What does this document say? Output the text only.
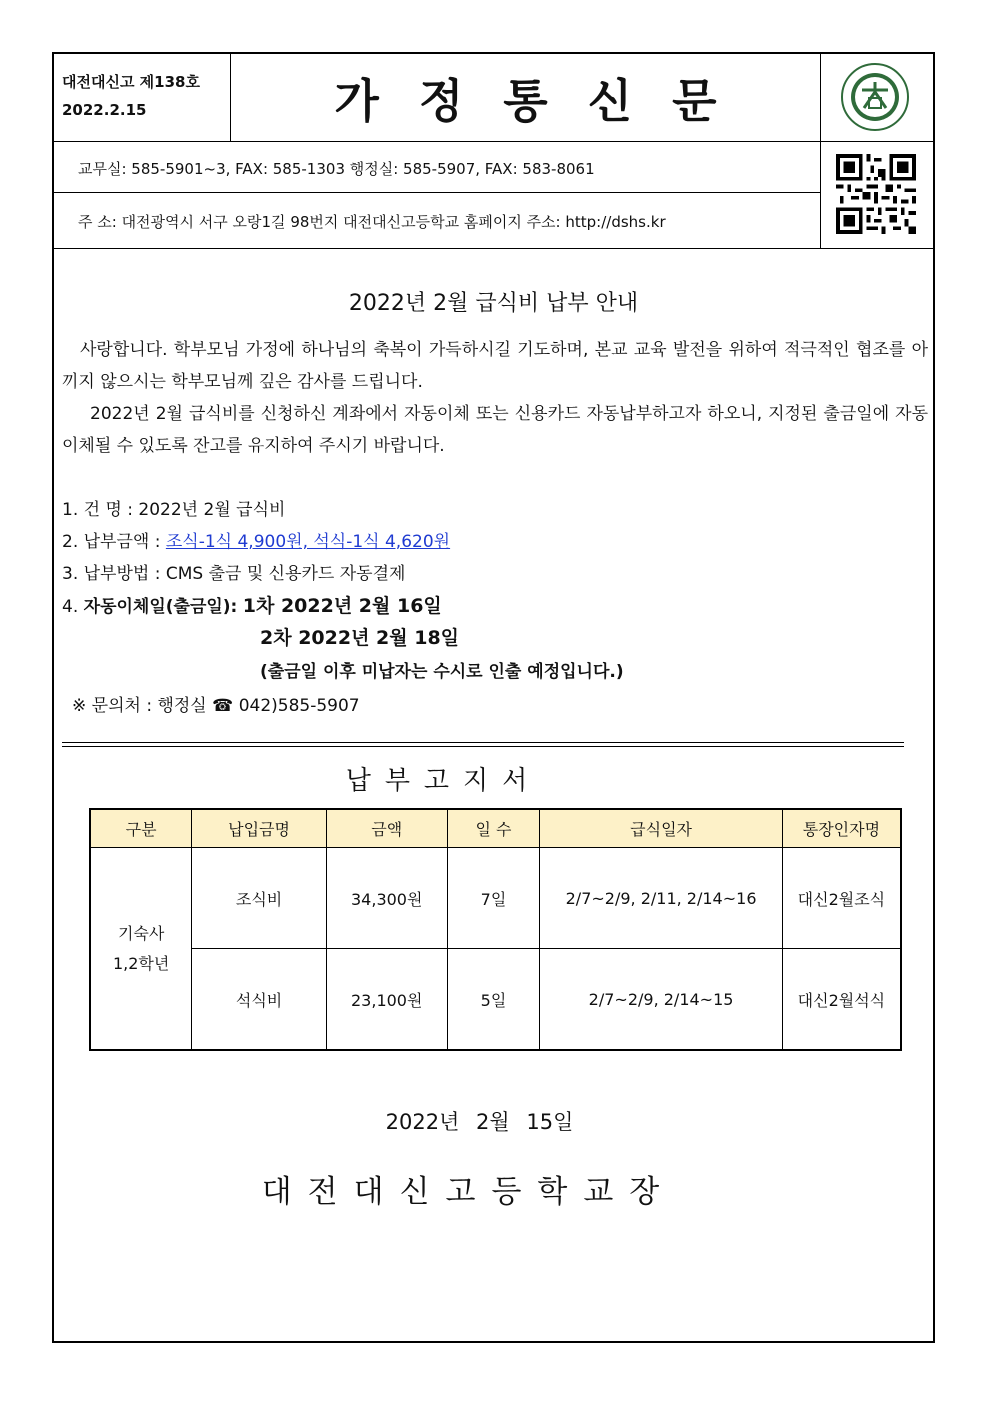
대전대신고 제138호
2022.2.15	가정통신문
교무실: 585-5901~3, FAX: 585-1303 행정실: 585-5907, FAX: 583-8061
주 소: 대전광역시 서구 오랑1길 98번지 대전대신고등학교 홈페이지 주소: http://dshs.kr
2022년 2월 급식비 납부 안내
사랑합니다. 학부모님 가정에 하나님의 축복이 가득하시길 기도하며, 본교 교육 발전을 위하여 적극적인 협조를 아끼지 않으시는 학부모님께 깊은 감사를 드립니다.
2022년 2월 급식비를 신청하신 계좌에서 자동이체 또는 신용카드 자동납부하고자 하오니, 지정된 출금일에 자동이체될 수 있도록 잔고를 유지하여 주시기 바랍니다.
1. 건 명 : 2022년 2월 급식비
2. 납부금액 : 조식-1식 4,900원, 석식-1식 4,620원
3. 납부방법 : CMS 출금 및 신용카드 자동결제
4. 자동이체일(출금일): 1차 2022년 2월 16일
2차 2022년 2월 18일
(출금일 이후 미납자는 수시로 인출 예정입니다.)
※ 문의처 : 행정실 ☎ 042)585-5907
납부고지서
구분	납입금명	금액	일 수	급식일자	통장인자명

기숙사
1,2학년	조식비	34,300원	7일	2/7~2/9, 2/11, 2/14~16	대신2월조식
	석식비	23,100원	5일	2/7~2/9, 2/14~15	대신2월석식
2022년 2월 15일
대전대신고등학교장
